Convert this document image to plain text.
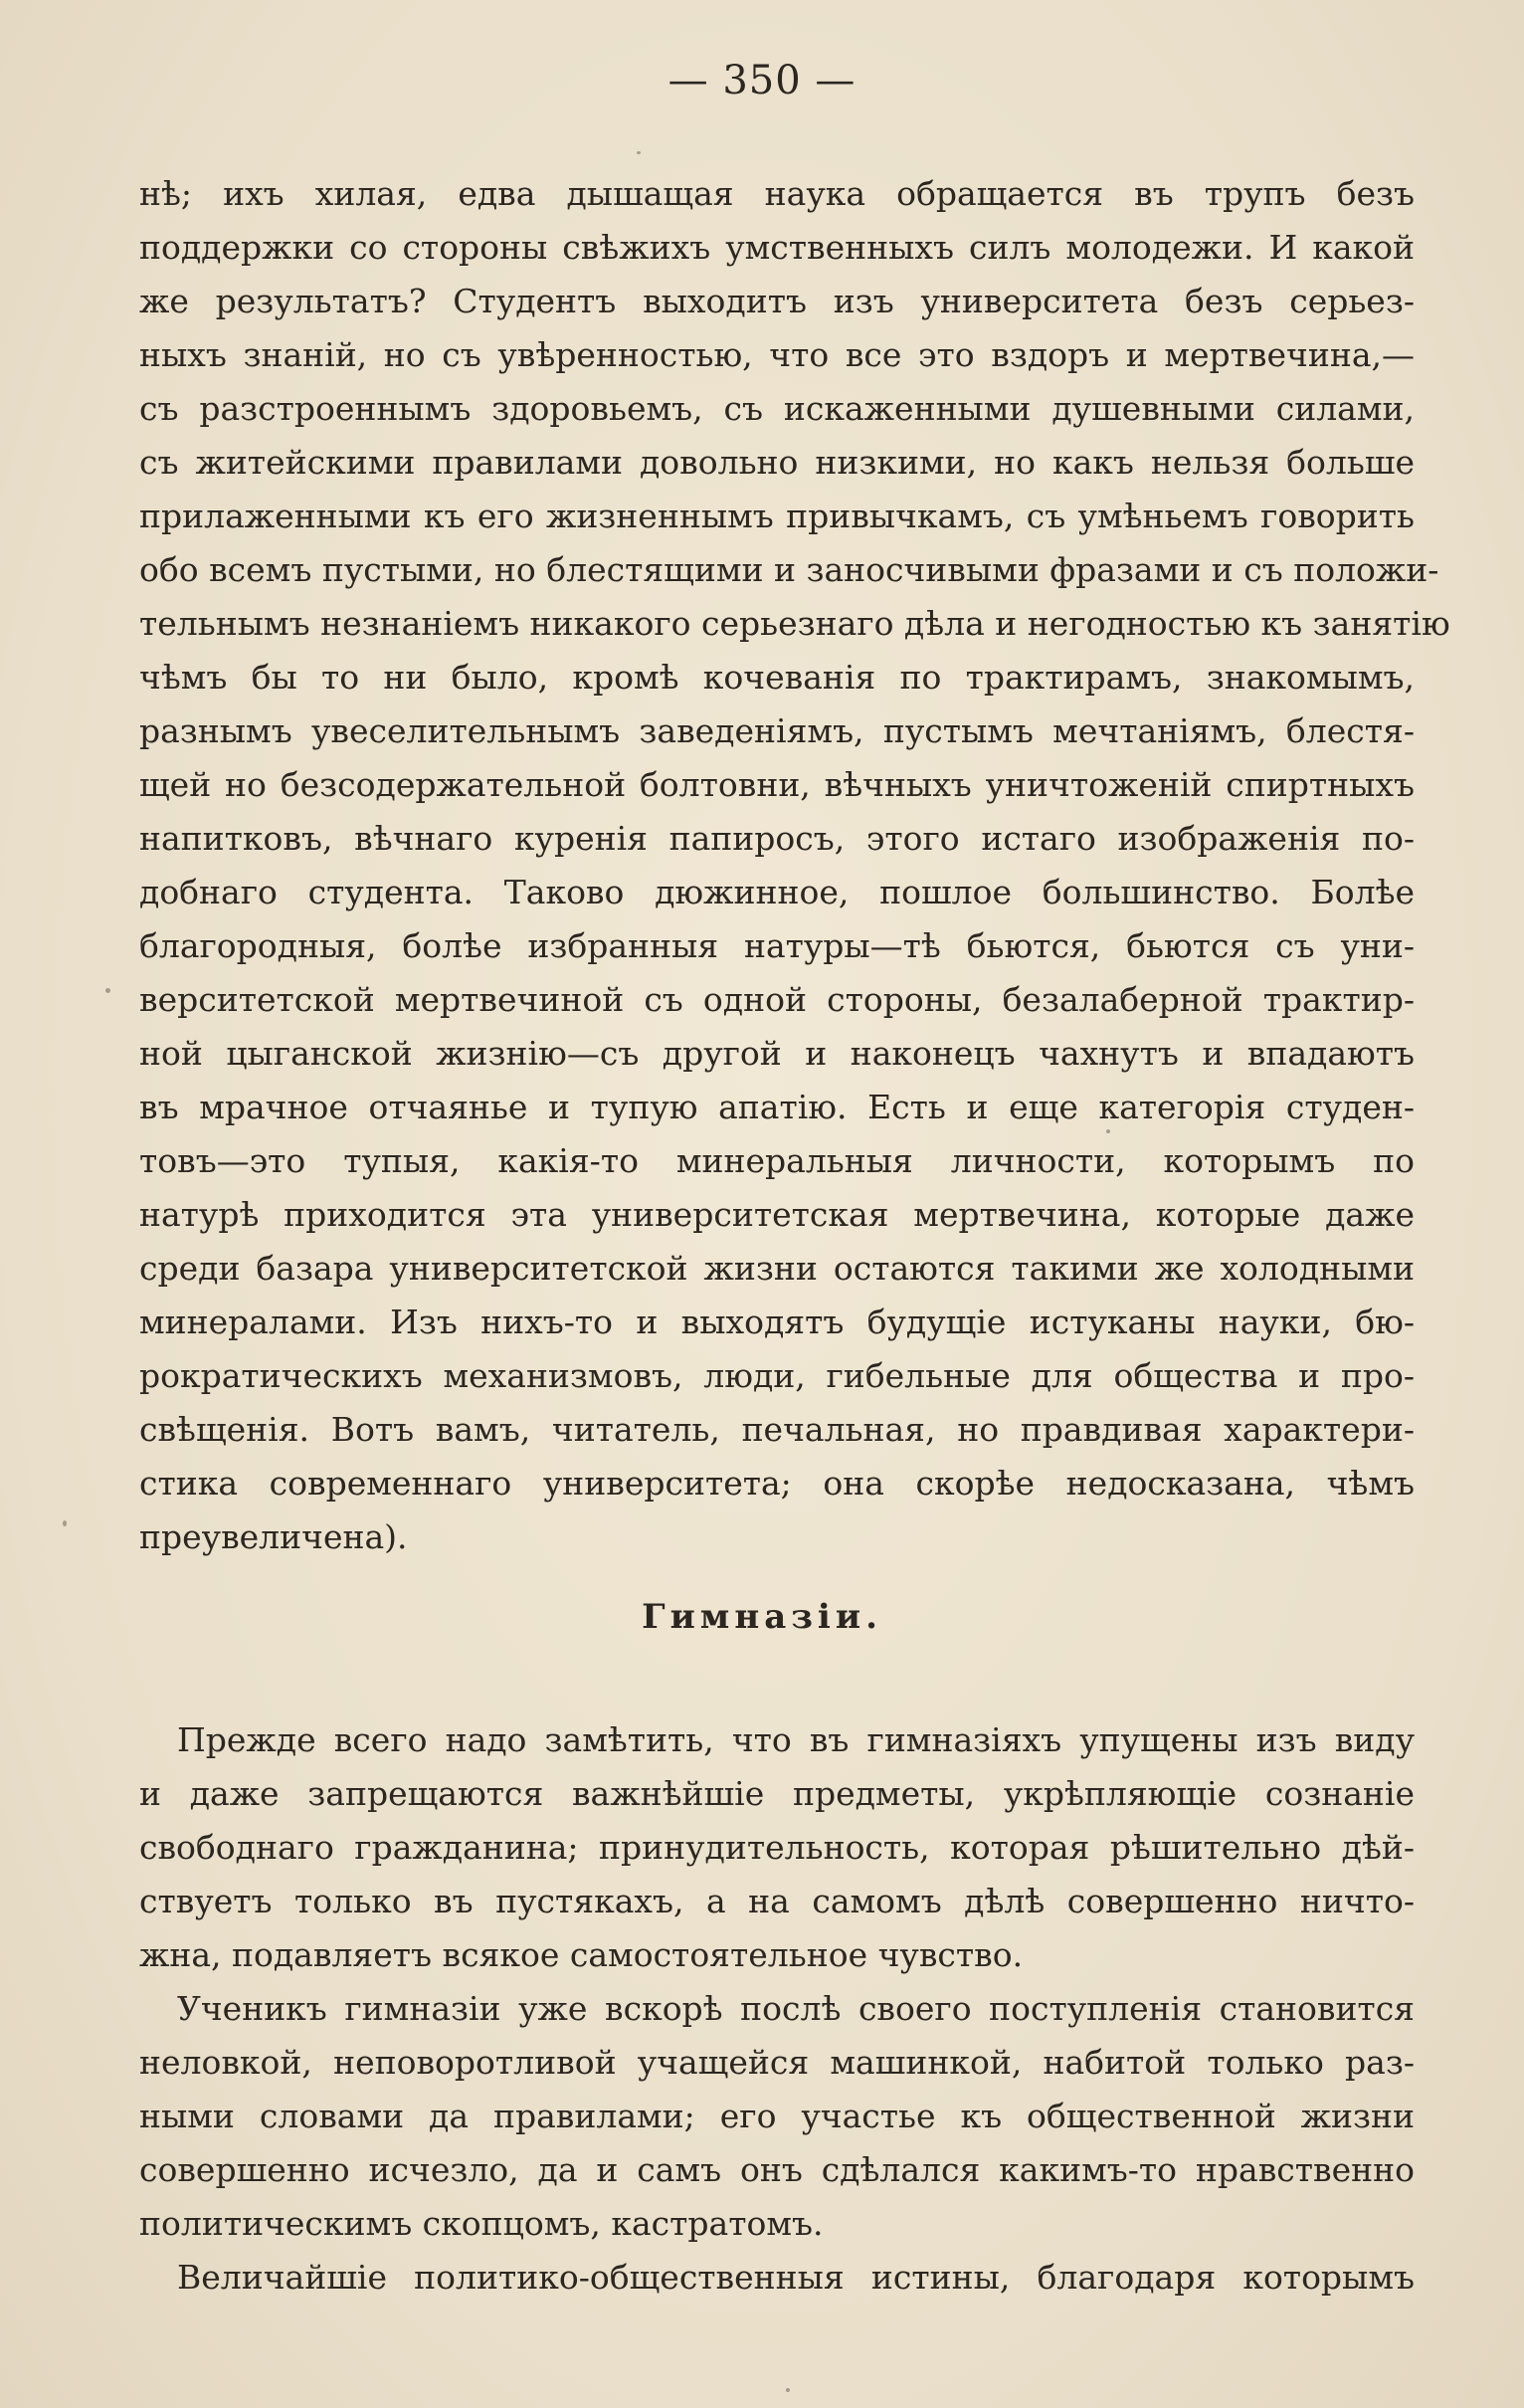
— 350 —

нѣ; ихъ хилая, едва дышащая наука обращается въ трупъ безъ
поддержки со стороны свѣжихъ умственныхъ силъ молодежи. И какой
же результатъ? Студентъ выходитъ изъ университета безъ серьез-
ныхъ знаній, но съ увѣренностью, что все это вздоръ и мертвечина,—
съ разстроеннымъ здоровьемъ, съ искаженными душевными силами,
съ житейскими правилами довольно низкими, но какъ нельзя больше
прилаженными къ его жизненнымъ привычкамъ, съ умѣньемъ говорить
обо всемъ пустыми, но блестящими и заносчивыми фразами и съ положи-
тельнымъ незнаніемъ никакого серьезнаго дѣла и негодностью къ занятію
чѣмъ бы то ни было, кромѣ кочеванія по трактирамъ, знакомымъ,
разнымъ увеселительнымъ заведеніямъ, пустымъ мечтаніямъ, блестя-
щей но безсодержательной болтовни, вѣчныхъ уничтоженій спиртныхъ
напитковъ, вѣчнаго куренія папиросъ, этого истаго изображенія по-
добнаго студента. Таково дюжинное, пошлое большинство. Болѣе
благородныя, болѣе избранныя натуры—тѣ бьются, бьются съ уни-
верситетской мертвечиной съ одной стороны, безалаберной трактир-
ной цыганской жизнію—съ другой и наконецъ чахнутъ и впадаютъ
въ мрачное отчаянье и тупую апатію. Есть и еще категорія студен-
товъ—это тупыя, какія-то минеральныя личности, которымъ по
натурѣ приходится эта университетская мертвечина, которые даже
среди базара университетской жизни остаются такими же холодными
минералами. Изъ нихъ-то и выходятъ будущіе истуканы науки, бю-
рократическихъ механизмовъ, люди, гибельные для общества и про-
свѣщенія. Вотъ вамъ, читатель, печальная, но правдивая характери-
стика современнаго университета; она скорѣе недосказана, чѣмъ
преувеличена).
Гимназіи.
Прежде всего надо замѣтить, что въ гимназіяхъ упущены изъ виду
и даже запрещаются важнѣйшіе предметы, укрѣпляющіе сознаніе
свободнаго гражданина; принудительность, которая рѣшительно дѣй-
ствуетъ только въ пустякахъ, а на самомъ дѣлѣ совершенно ничто-
жна, подавляетъ всякое самостоятельное чувство.
Ученикъ гимназіи уже вскорѣ послѣ своего поступленія становится
неловкой, неповоротливой учащейся машинкой, набитой только раз-
ными словами да правилами; его участье къ общественной жизни
совершенно исчезло, да и самъ онъ сдѣлался какимъ-то нравственно
политическимъ скопцомъ, кастратомъ.
Величайшіе политико-общественныя истины, благодаря которымъ
